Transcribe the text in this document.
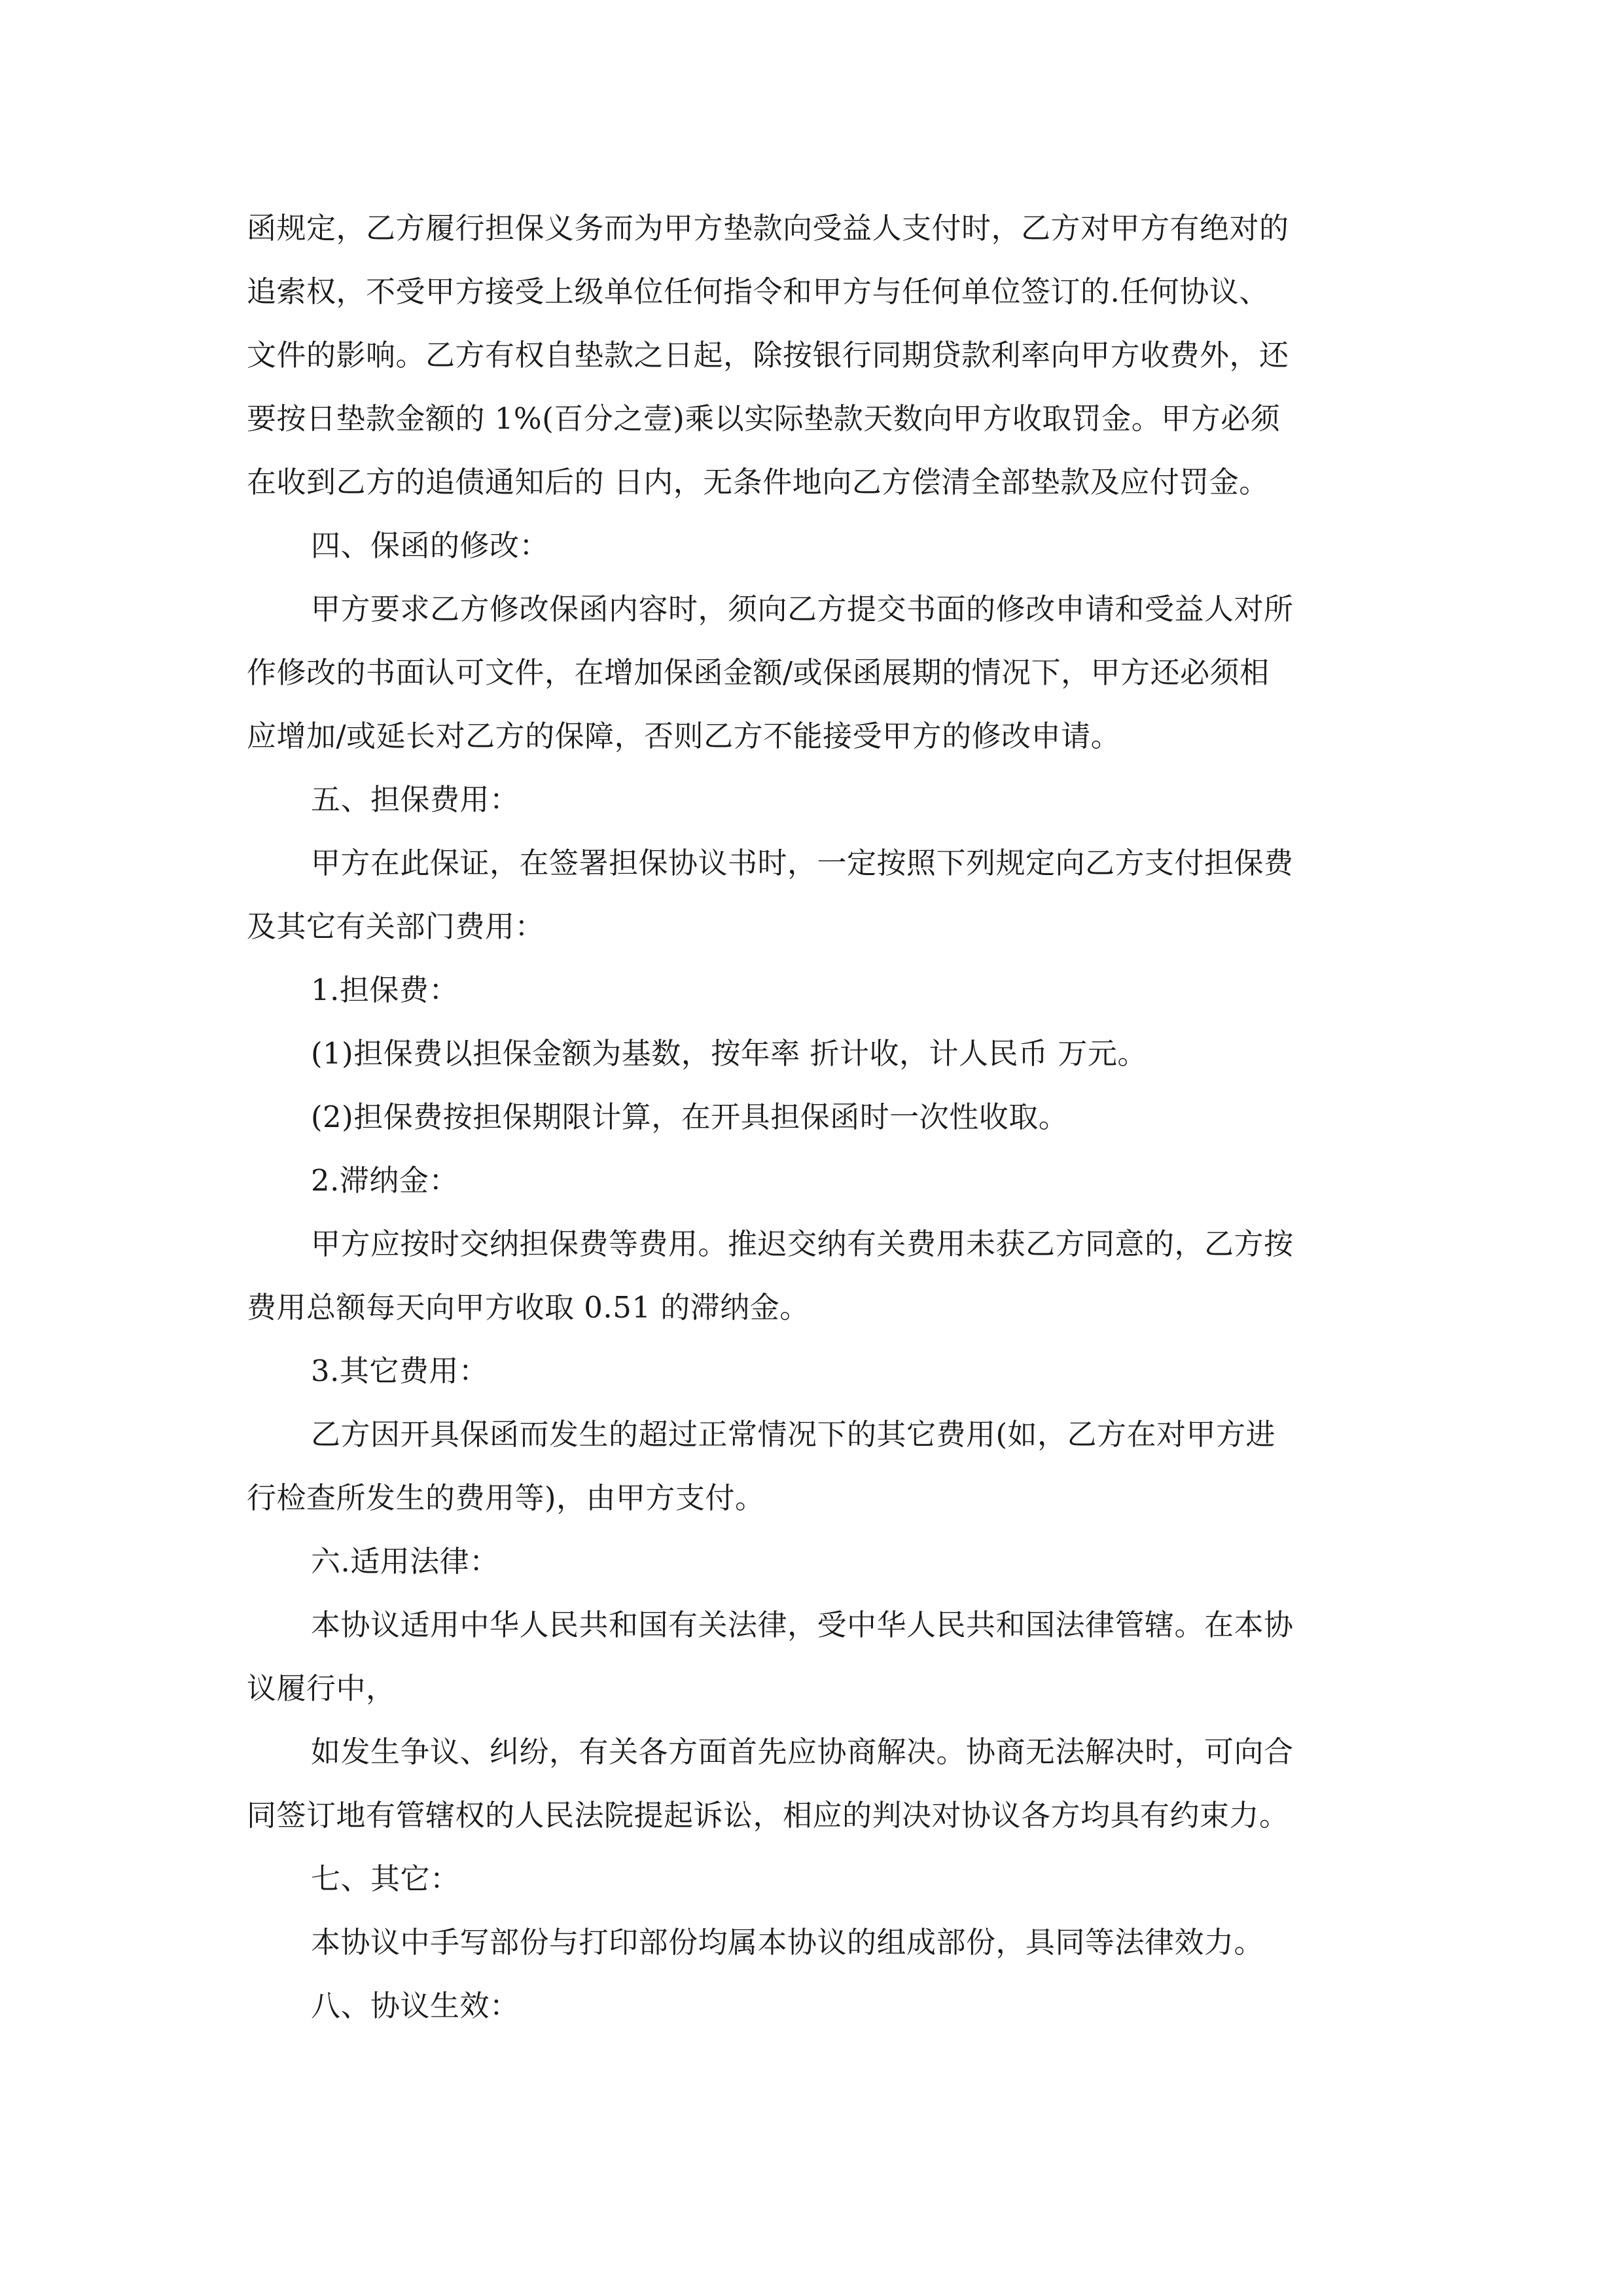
函规定，乙方履行担保义务而为甲方垫款向受益人支付时，乙方对甲方有绝对的
追索权，不受甲方接受上级单位任何指令和甲方与任何单位签订的.任何协议、
文件的影响。乙方有权自垫款之日起，除按银行同期贷款利率向甲方收费外，还
要按日垫款金额的 1%(百分之壹)乘以实际垫款天数向甲方收取罚金。甲方必须
在收到乙方的追债通知后的 日内，无条件地向乙方偿清全部垫款及应付罚金。
四、保函的修改：
甲方要求乙方修改保函内容时，须向乙方提交书面的修改申请和受益人对所
作修改的书面认可文件，在增加保函金额/或保函展期的情况下，甲方还必须相
应增加/或延长对乙方的保障，否则乙方不能接受甲方的修改申请。
五、担保费用：
甲方在此保证，在签署担保协议书时，一定按照下列规定向乙方支付担保费
及其它有关部门费用：
1.担保费：
(1)担保费以担保金额为基数，按年率 折计收，计人民币 万元。
(2)担保费按担保期限计算，在开具担保函时一次性收取。
2.滞纳金：
甲方应按时交纳担保费等费用。推迟交纳有关费用未获乙方同意的，乙方按
费用总额每天向甲方收取 0.51 的滞纳金。
3.其它费用：
乙方因开具保函而发生的超过正常情况下的其它费用(如，乙方在对甲方进
行检查所发生的费用等)，由甲方支付。
六.适用法律：
本协议适用中华人民共和国有关法律，受中华人民共和国法律管辖。在本协
议履行中，
如发生争议、纠纷，有关各方面首先应协商解决。协商无法解决时，可向合
同签订地有管辖权的人民法院提起诉讼，相应的判决对协议各方均具有约束力。
七、其它：
本协议中手写部份与打印部份均属本协议的组成部份，具同等法律效力。
八、协议生效：
